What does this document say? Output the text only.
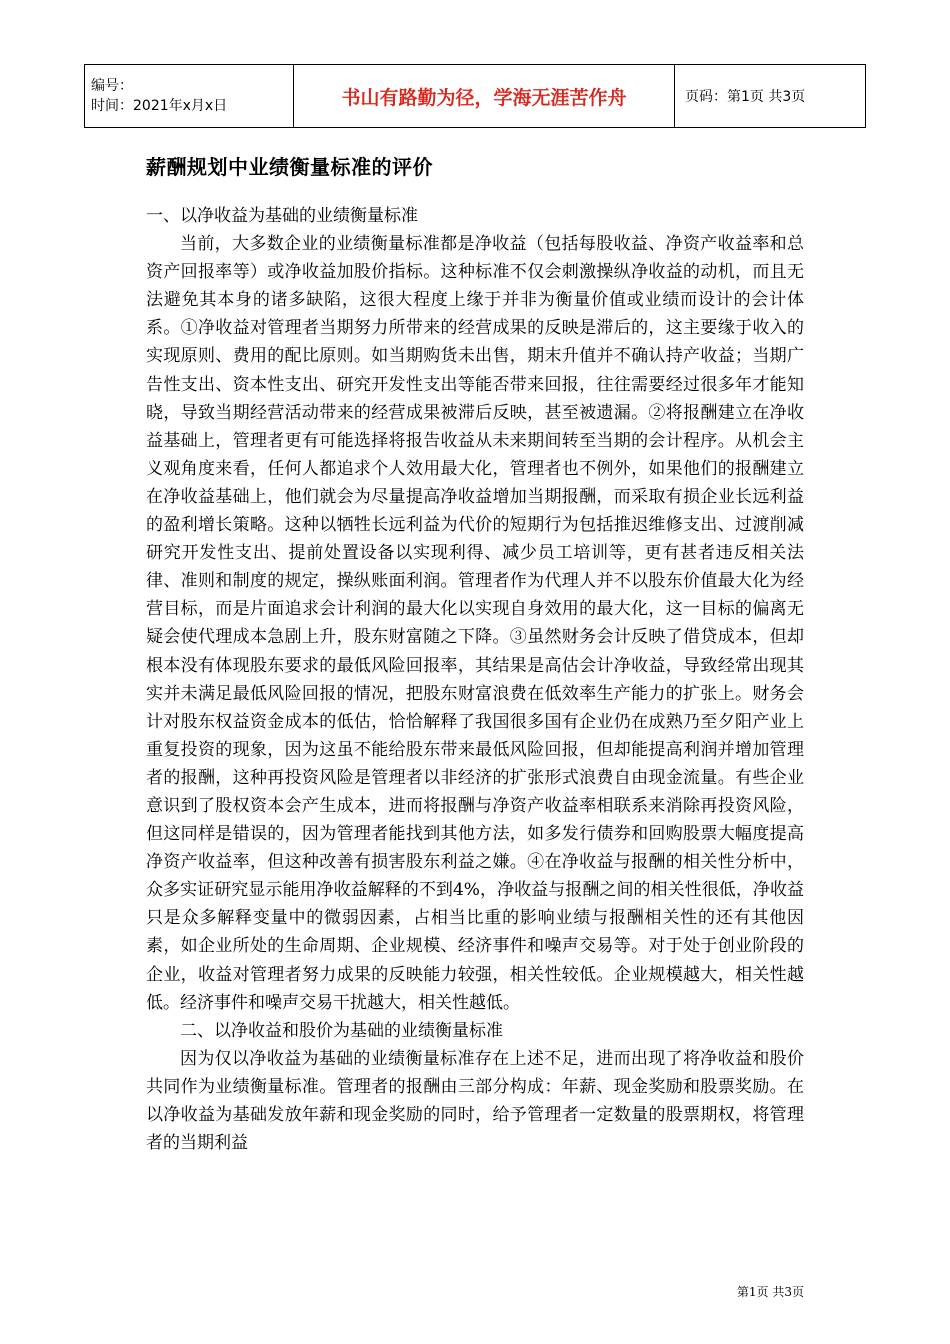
编号：
时间：2021年x月x日	书山有路勤为径，学海无涯苦作舟	页码：第1页 共3页
薪酬规划中业绩衡量标准的评价

一、以净收益为基础的业绩衡量标准

当前，大多数企业的业绩衡量标准都是净收益（包括每股收益、净资产收益率和总资产回报率等）或净收益加股价指标。这种标准不仅会刺激操纵净收益的动机，而且无法避免其本身的诸多缺陷，这很大程度上缘于并非为衡量价值或业绩而设计的会计体系。①净收益对管理者当期努力所带来的经营成果的反映是滞后的，这主要缘于收入的实现原则、费用的配比原则。如当期购货未出售，期末升值并不确认持产收益；当期广告性支出、资本性支出、研究开发性支出等能否带来回报，往往需要经过很多年才能知晓，导致当期经营活动带来的经营成果被滞后反映，甚至被遗漏。②将报酬建立在净收益基础上，管理者更有可能选择将报告收益从未来期间转至当期的会计程序。从机会主义观角度来看，任何人都追求个人效用最大化，管理者也不例外，如果他们的报酬建立在净收益基础上，他们就会为尽量提高净收益增加当期报酬，而采取有损企业长远利益的盈利增长策略。这种以牺牲长远利益为代价的短期行为包括推迟维修支出、过渡削减研究开发性支出、提前处置设备以实现利得、减少员工培训等，更有甚者违反相关法律、准则和制度的规定，操纵账面利润。管理者作为代理人并不以股东价值最大化为经营目标，而是片面追求会计利润的最大化以实现自身效用的最大化，这一目标的偏离无疑会使代理成本急剧上升，股东财富随之下降。③虽然财务会计反映了借贷成本，但却根本没有体现股东要求的最低风险回报率，其结果是高估会计净收益，导致经常出现其实并未满足最低风险回报的情况，把股东财富浪费在低效率生产能力的扩张上。财务会计对股东权益资金成本的低估，恰恰解释了我国很多国有企业仍在成熟乃至夕阳产业上重复投资的现象，因为这虽不能给股东带来最低风险回报，但却能提高利润并增加管理者的报酬，这种再投资风险是管理者以非经济的扩张形式浪费自由现金流量。有些企业意识到了股权资本会产生成本，进而将报酬与净资产收益率相联系来消除再投资风险，但这同样是错误的，因为管理者能找到其他方法，如多发行债券和回购股票大幅度提高净资产收益率，但这种改善有损害股东利益之嫌。④在净收益与报酬的相关性分析中，众多实证研究显示能用净收益解释的不到4%，净收益与报酬之间的相关性很低，净收益只是众多解释变量中的微弱因素，占相当比重的影响业绩与报酬相关性的还有其他因素，如企业所处的生命周期、企业规模、经济事件和噪声交易等。对于处于创业阶段的企业，收益对管理者努力成果的反映能力较强，相关性较低。企业规模越大，相关性越低。经济事件和噪声交易干扰越大，相关性越低。

二、以净收益和股价为基础的业绩衡量标准

因为仅以净收益为基础的业绩衡量标准存在上述不足，进而出现了将净收益和股价共同作为业绩衡量标准。管理者的报酬由三部分构成：年薪、现金奖励和股票奖励。在以净收益为基础发放年薪和现金奖励的同时，给予管理者一定数量的股票期权，将管理者的当期利益

第1页 共3页
